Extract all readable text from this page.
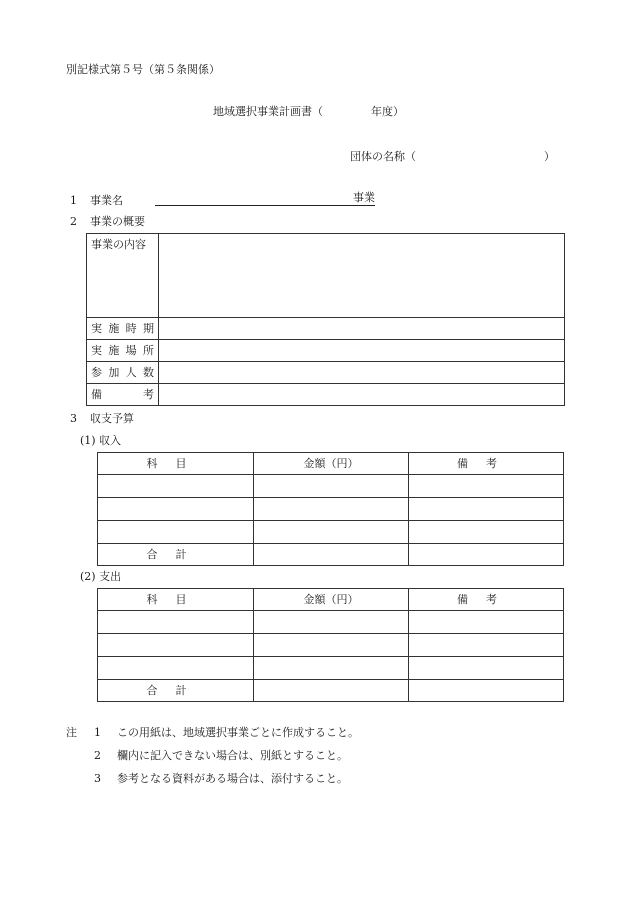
別記様式第５号（第５条関係）
地域選択事業計画書（	年度）
団体の名称（	）
1 事業名	事業
2 事業の概要
事業の内容	
実施時期	
実施場所	
参加人数	
備考	
3 収支予算
(1) 収入
科目	金額（円）	備考

合計		
(2) 支出
科目	金額（円）	備考

合計		
注 1 この用紙は、地域選択事業ごとに作成すること。
2 欄内に記入できない場合は、別紙とすること。
3 参考となる資料がある場合は、添付すること。
